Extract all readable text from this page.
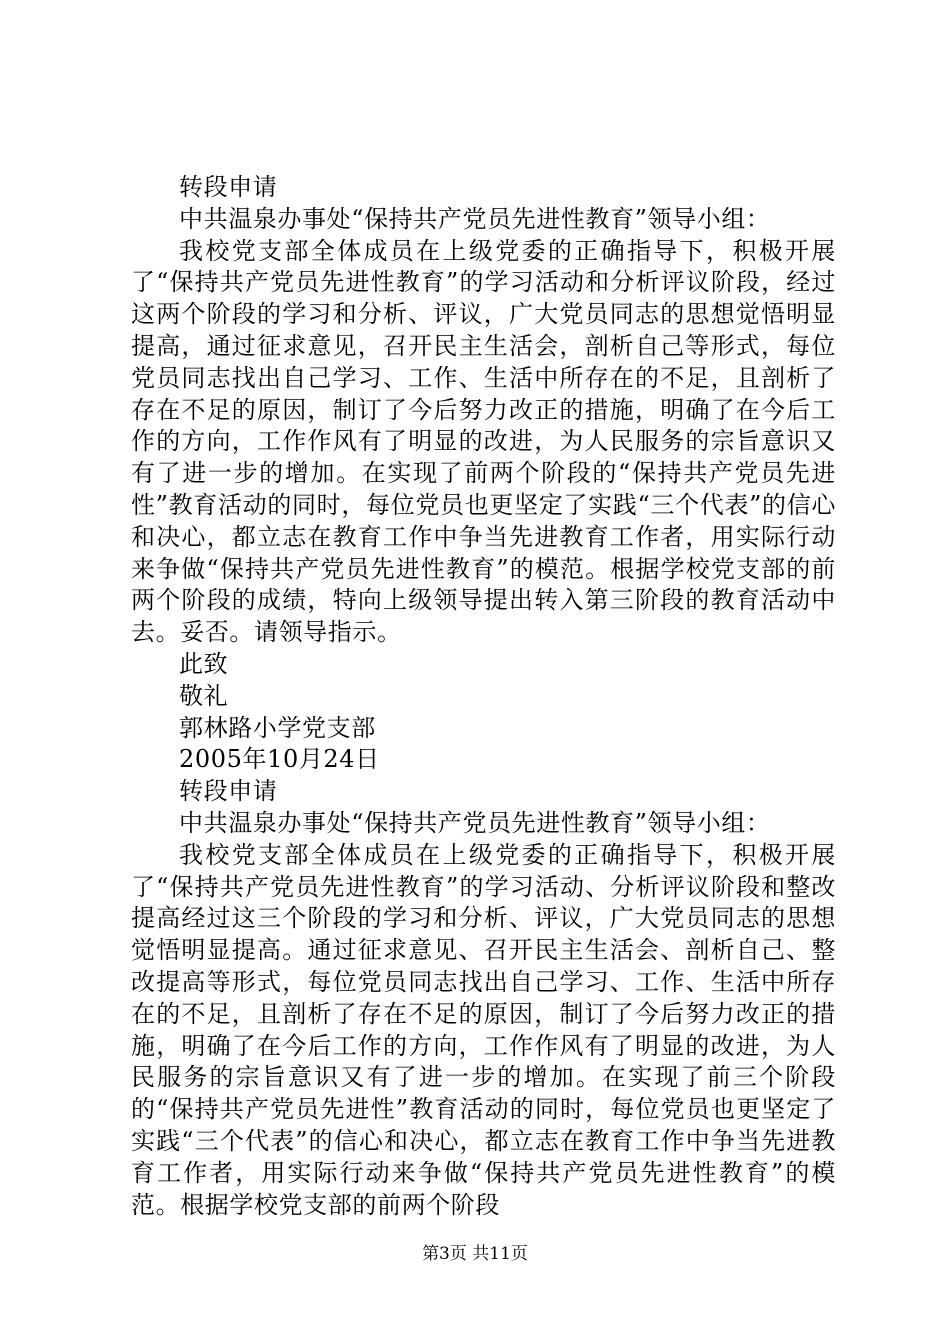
转段申请

中共温泉办事处“保持共产党员先进性教育”领导小组：

我校党支部全体成员在上级党委的正确指导下，积极开展了“保持共产党员先进性教育”的学习活动和分析评议阶段，经过这两个阶段的学习和分析、评议，广大党员同志的思想觉悟明显提高，通过征求意见，召开民主生活会，剖析自己等形式，每位党员同志找出自己学习、工作、生活中所存在的不足，且剖析了存在不足的原因，制订了今后努力改正的措施，明确了在今后工作的方向，工作作风有了明显的改进，为人民服务的宗旨意识又有了进一步的增加。在实现了前两个阶段的“保持共产党员先进性”教育活动的同时，每位党员也更坚定了实践“三个代表”的信心和决心，都立志在教育工作中争当先进教育工作者，用实际行动来争做“保持共产党员先进性教育”的模范。根据学校党支部的前两个阶段的成绩，特向上级领导提出转入第三阶段的教育活动中去。妥否。请领导指示。

此致

敬礼

郭林路小学党支部

2005年10月24日

转段申请

中共温泉办事处“保持共产党员先进性教育”领导小组：

我校党支部全体成员在上级党委的正确指导下，积极开展了“保持共产党员先进性教育”的学习活动、分析评议阶段和整改提高经过这三个阶段的学习和分析、评议，广大党员同志的思想觉悟明显提高。通过征求意见、召开民主生活会、剖析自己、整改提高等形式，每位党员同志找出自己学习、工作、生活中所存在的不足，且剖析了存在不足的原因，制订了今后努力改正的措施，明确了在今后工作的方向，工作作风有了明显的改进，为人民服务的宗旨意识又有了进一步的增加。在实现了前三个阶段的“保持共产党员先进性”教育活动的同时，每位党员也更坚定了实践“三个代表”的信心和决心，都立志在教育工作中争当先进教育工作者，用实际行动来争做“保持共产党员先进性教育”的模范。根据学校党支部的前两个阶段

第3页 共11页
